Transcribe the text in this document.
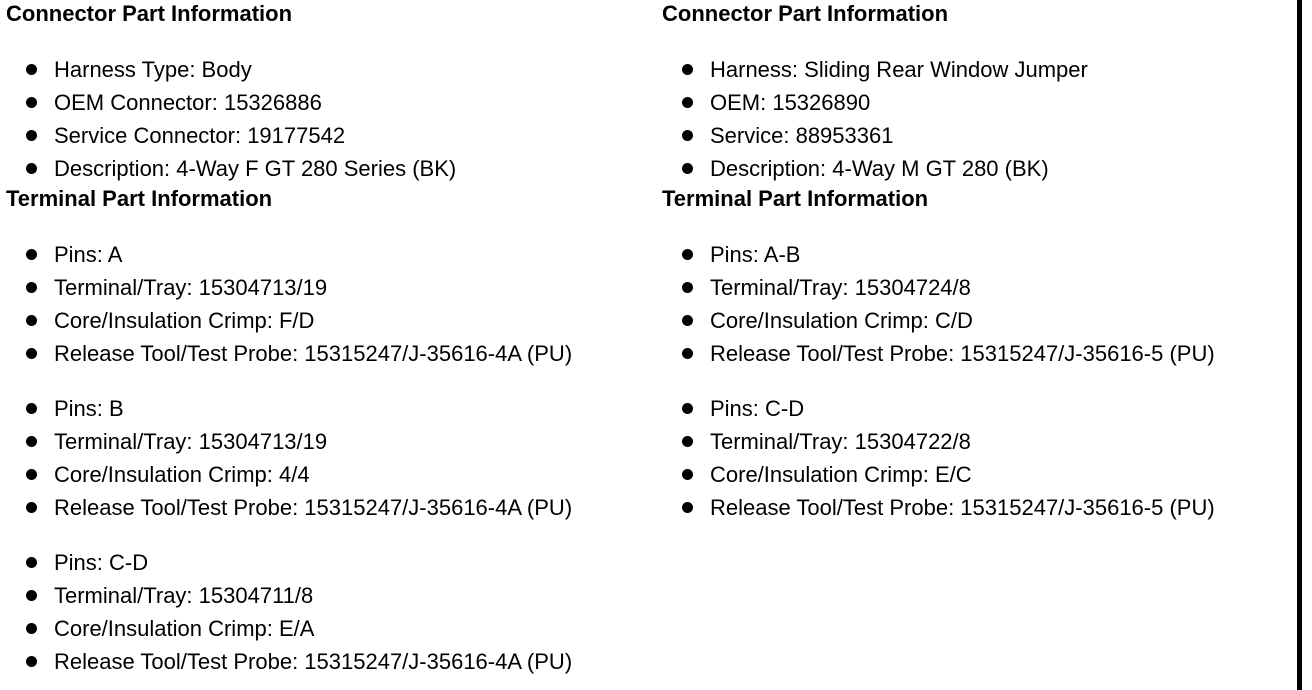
Connector Part Information
Harness Type: Body
OEM Connector: 15326886
Service Connector: 19177542
Description: 4-Way F GT 280 Series (BK)
Terminal Part Information
Pins: A
Terminal/Tray: 15304713/19
Core/Insulation Crimp: F/D
Release Tool/Test Probe: 15315247/J-35616-4A (PU)
Pins: B
Terminal/Tray: 15304713/19
Core/Insulation Crimp: 4/4
Release Tool/Test Probe: 15315247/J-35616-4A (PU)
Pins: C-D
Terminal/Tray: 15304711/8
Core/Insulation Crimp: E/A
Release Tool/Test Probe: 15315247/J-35616-4A (PU)
Connector Part Information
Harness: Sliding Rear Window Jumper
OEM: 15326890
Service: 88953361
Description: 4-Way M GT 280 (BK)
Terminal Part Information
Pins: A-B
Terminal/Tray: 15304724/8
Core/Insulation Crimp: C/D
Release Tool/Test Probe: 15315247/J-35616-5 (PU)
Pins: C-D
Terminal/Tray: 15304722/8
Core/Insulation Crimp: E/C
Release Tool/Test Probe: 15315247/J-35616-5 (PU)
